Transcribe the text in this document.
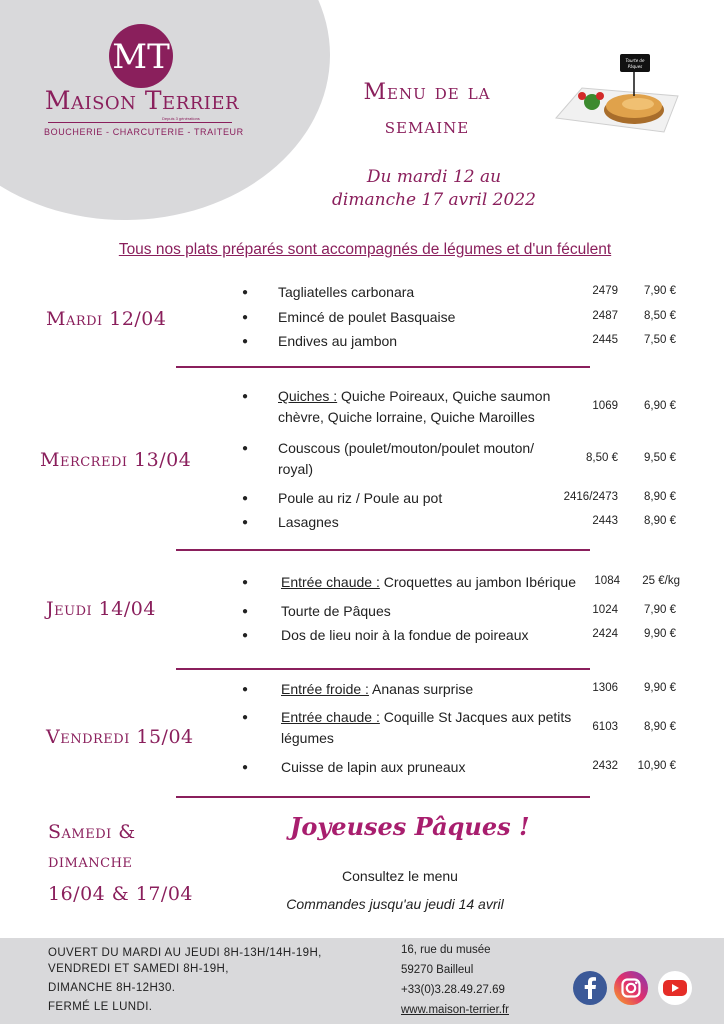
MT
Maison Terrier
Depuis 3 générations
BOUCHERIE - CHARCUTERIE - TRAITEUR
Menu de la
semaine
Tourte de
Pâques
Du mardi 12 au
dimanche 17 avril 2022
Tous nos plats préparés sont accompagnés de légumes et d'un féculent
Mardi 12/04
● Tagliatelles carbonara	2479 7,90 €
● Emincé de poulet Basquaise	2487 8,50 €
● Endives au jambon	2445 7,50 €
Mercredi 13/04
● Quiches : Quiche Poireaux, Quiche saumon chèvre, Quiche lorraine, Quiche Maroilles
1069 6,90 €
● Couscous (poulet/mouton/poulet mouton/ royal)
8,50 € 9,50 €
● Poule au riz / Poule au pot	2416/2473 8,90 €
● Lasagnes	2443 8,90 €
Jeudi 14/04
● Entrée chaude : Croquettes au jambon Ibérique	1084 25 €/kg
● Tourte de Pâques	1024 7,90 €
● Dos de lieu noir à la fondue de poireaux	2424 9,90 €
Vendredi 15/04
● Entrée froide : Ananas surprise	1306 9,90 €
● Entrée chaude : Coquille St Jacques aux petits légumes
6103 8,90 €
● Cuisse de lapin aux pruneaux	2432 10,90 €
Samedi &
dimanche
16/04 & 17/04
Joyeuses Pâques !
Consultez le menu
Commandes jusqu'au jeudi 14 avril
OUVERT DU MARDI AU JEUDI 8H-13H/14H-19H,
VENDREDI ET SAMEDI 8H-19H,
DIMANCHE 8H-12H30.
FERMÉ LE LUNDI.
16, rue du musée
59270 Bailleul
+33(0)3.28.49.27.69
www.maison-terrier.fr
